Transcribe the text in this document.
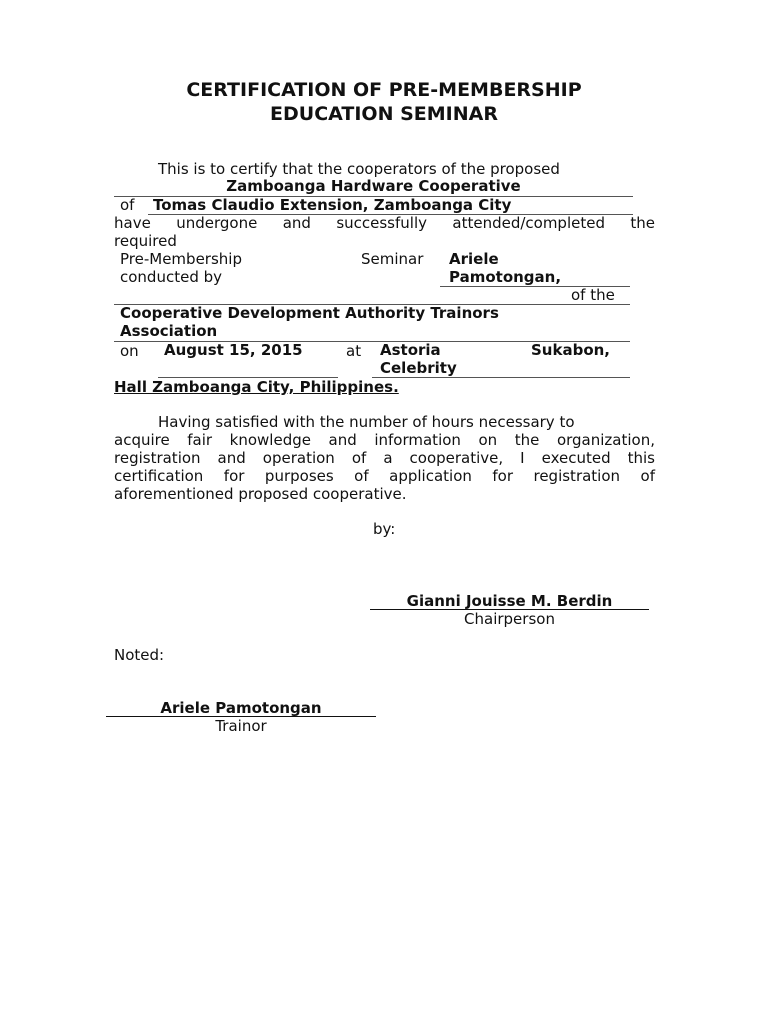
CERTIFICATION OF PRE-MEMBERSHIP
EDUCATION SEMINAR
This is to certify that the cooperators of the proposed
Zamboanga Hardware Cooperative
of Tomas Claudio Extension, Zamboanga City
have undergone and successfully attended/completed the
required
Pre-Membership	Seminar Ariele
conducted by	Pamotongan,
of the
Cooperative Development Authority Trainors
Association
on August 15, 2015	at Astoria	Sukabon,
Celebrity
Hall Zamboanga City, Philippines.
Having satisfied with the number of hours necessary to
acquire fair knowledge and information on the organization,
registration and operation of a cooperative, I executed this
certification for purposes of application for registration of
aforementioned proposed cooperative.
by:
Gianni Jouisse M. Berdin
Chairperson
Noted:
Ariele Pamotongan
Trainor
